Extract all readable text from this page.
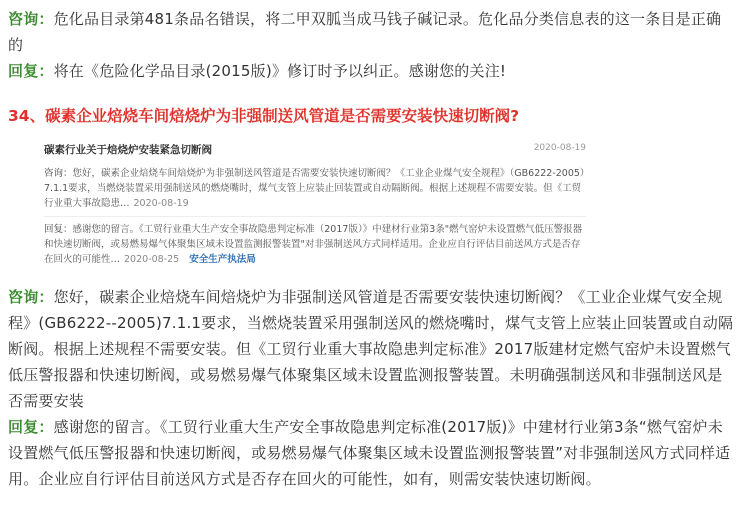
咨询：危化品目录第481条品名错误，将二甲双胍当成马钱子碱记录。危化品分类信息表的这一条目是正确的
回复：将在《危险化学品目录(2015版)》修订时予以纠正。感谢您的关注!
34、碳素企业焙烧车间焙烧炉为非强制送风管道是否需要安装快速切断阀?
碳素行业关于焙烧炉安装紧急切断阀	2020-08-19
咨询：您好，碳素企业焙烧车间焙烧炉为非强制送风管道是否需要安装快速切断阀？《工业企业煤气安全规程》（GB6222-2005）7.1.1要求，当燃烧装置采用强制送风的燃烧嘴时，煤气支管上应装止回装置或自动隔断阀。根据上述规程不需要安装。但《工贸行业重大事故隐患… 2020-08-19
回复：感谢您的留言。《工贸行业重大生产安全事故隐患判定标准（2017版）》中建材行业第3条"燃气窑炉未设置燃气低压警报器和快速切断阀，或易燃易爆气体聚集区域未设置监测报警装置"对非强制送风方式同样适用。企业应自行评估目前送风方式是否存在回火的可能性… 2020-08-25 安全生产执法局
咨询：您好，碳素企业焙烧车间焙烧炉为非强制送风管道是否需要安装快速切断阀？《工业企业煤气安全规程》(GB6222--2005)7.1.1要求，当燃烧装置采用强制送风的燃烧嘴时，煤气支管上应装止回装置或自动隔断阀。根据上述规程不需要安装。但《工贸行业重大事故隐患判定标准》2017版建材定燃气窑炉未设置燃气低压警报器和快速切断阀，或易燃易爆气体聚集区域未设置监测报警装置。未明确强制送风和非强制送风是否需要安装
回复：感谢您的留言。《工贸行业重大生产安全事故隐患判定标准(2017版)》中建材行业第3条“燃气窑炉未设置燃气低压警报器和快速切断阀，或易燃易爆气体聚集区域未设置监测报警装置”对非强制送风方式同样适用。企业应自行评估目前送风方式是否存在回火的可能性，如有，则需安装快速切断阀。
